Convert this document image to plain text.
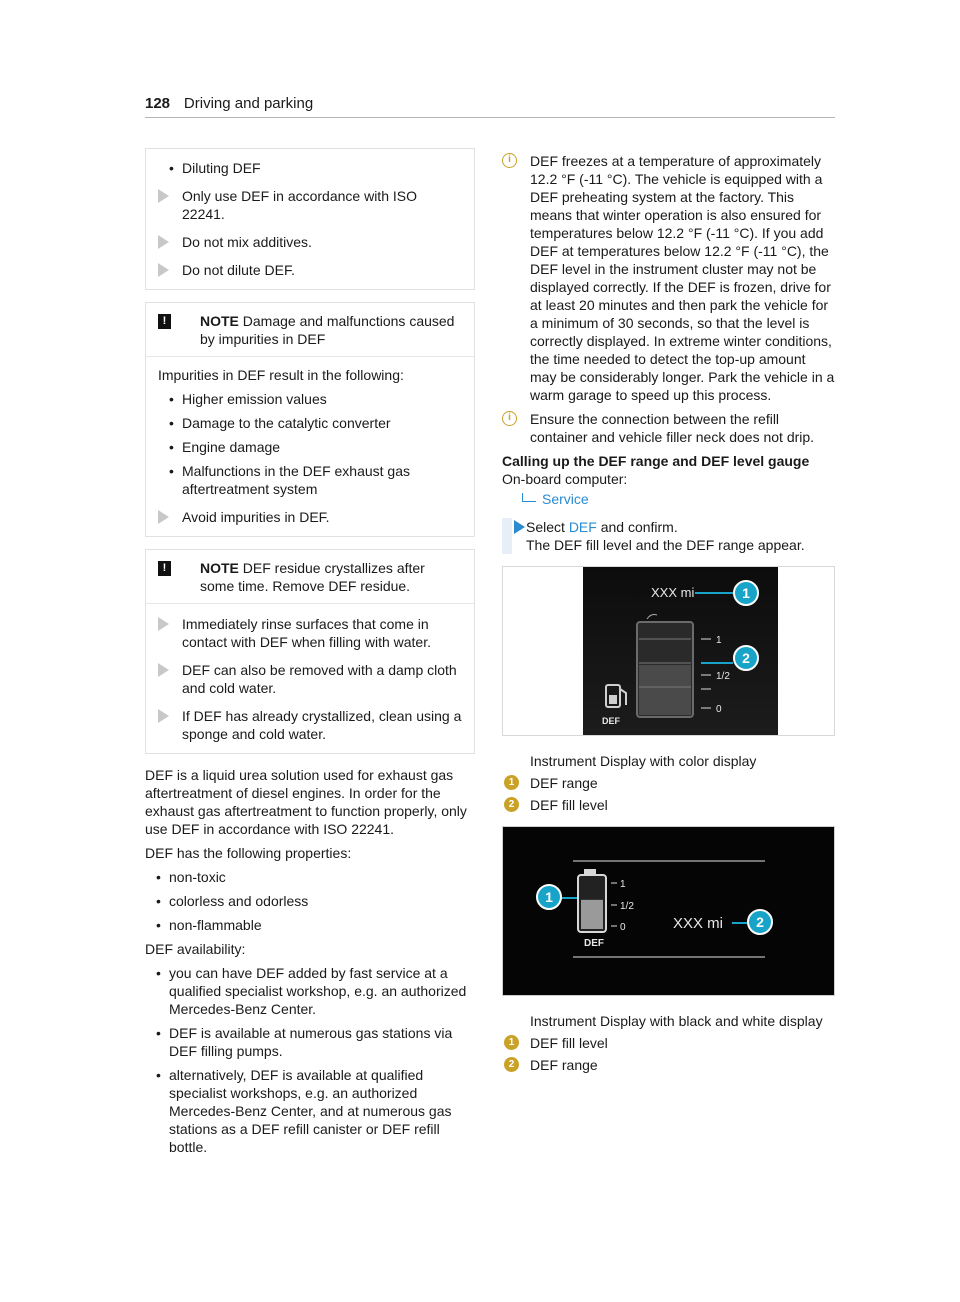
128 Driving and parking
• Diluting DEF
Only use DEF in accordance with ISO 22241.
Do not mix additives.
Do not dilute DEF.
!	NOTE Damage and malfunctions caused by impurities in DEF
Impurities in DEF result in the following:
• Higher emission values
• Damage to the catalytic converter
• Engine damage
• Malfunctions in the DEF exhaust gas aftertreatment system
Avoid impurities in DEF.
!	NOTE DEF residue crystallizes after some time. Remove DEF residue.
Immediately rinse surfaces that come in contact with DEF when filling with water.
DEF can also be removed with a damp cloth and cold water.
If DEF has already crystallized, clean using a sponge and cold water.
DEF is a liquid urea solution used for exhaust gas aftertreatment of diesel engines. In order for the exhaust gas aftertreatment to function properly, only use DEF in accordance with ISO 22241.
DEF has the following properties:
• non-toxic
• colorless and odorless
• non-flammable
DEF availability:
• you can have DEF added by fast service at a qualified specialist workshop, e.g. an authorized Mercedes-Benz Center.
• DEF is available at numerous gas stations via DEF filling pumps.
• alternatively, DEF is available at qualified specialist workshops, e.g. an authorized Mercedes-Benz Center, and at numerous gas stations as a DEF refill canister or DEF refill bottle.
i	DEF freezes at a temperature of approximately 12.2 °F (-11 °C). The vehicle is equipped with a DEF preheating system at the factory. This means that winter operation is also ensured for temperatures below 12.2 °F (-11 °C). If you add DEF at temperatures below 12.2 °F (-11 °C), the DEF level in the instrument cluster may not be displayed correctly. If the DEF is frozen, drive for at least 20 minutes and then park the vehicle for a minimum of 30 seconds, so that the level is correctly displayed. In extreme winter conditions, the time needed to detect the top-up amount may be considerably longer. Park the vehicle in a warm garage to speed up this process.
i	Ensure the connection between the refill container and vehicle filler neck does not drip.
Calling up the DEF range and DEF level gauge
On-board computer:
Service
Select DEF and confirm.
The DEF fill level and the DEF range appear.
XXX mi
1
1/2
0
DEF
1
2
Instrument Display with color display
1	DEF range
2	DEF fill level
1
1/2
0
DEF
XXX mi
1
2
Instrument Display with black and white display
1	DEF fill level
2	DEF range
